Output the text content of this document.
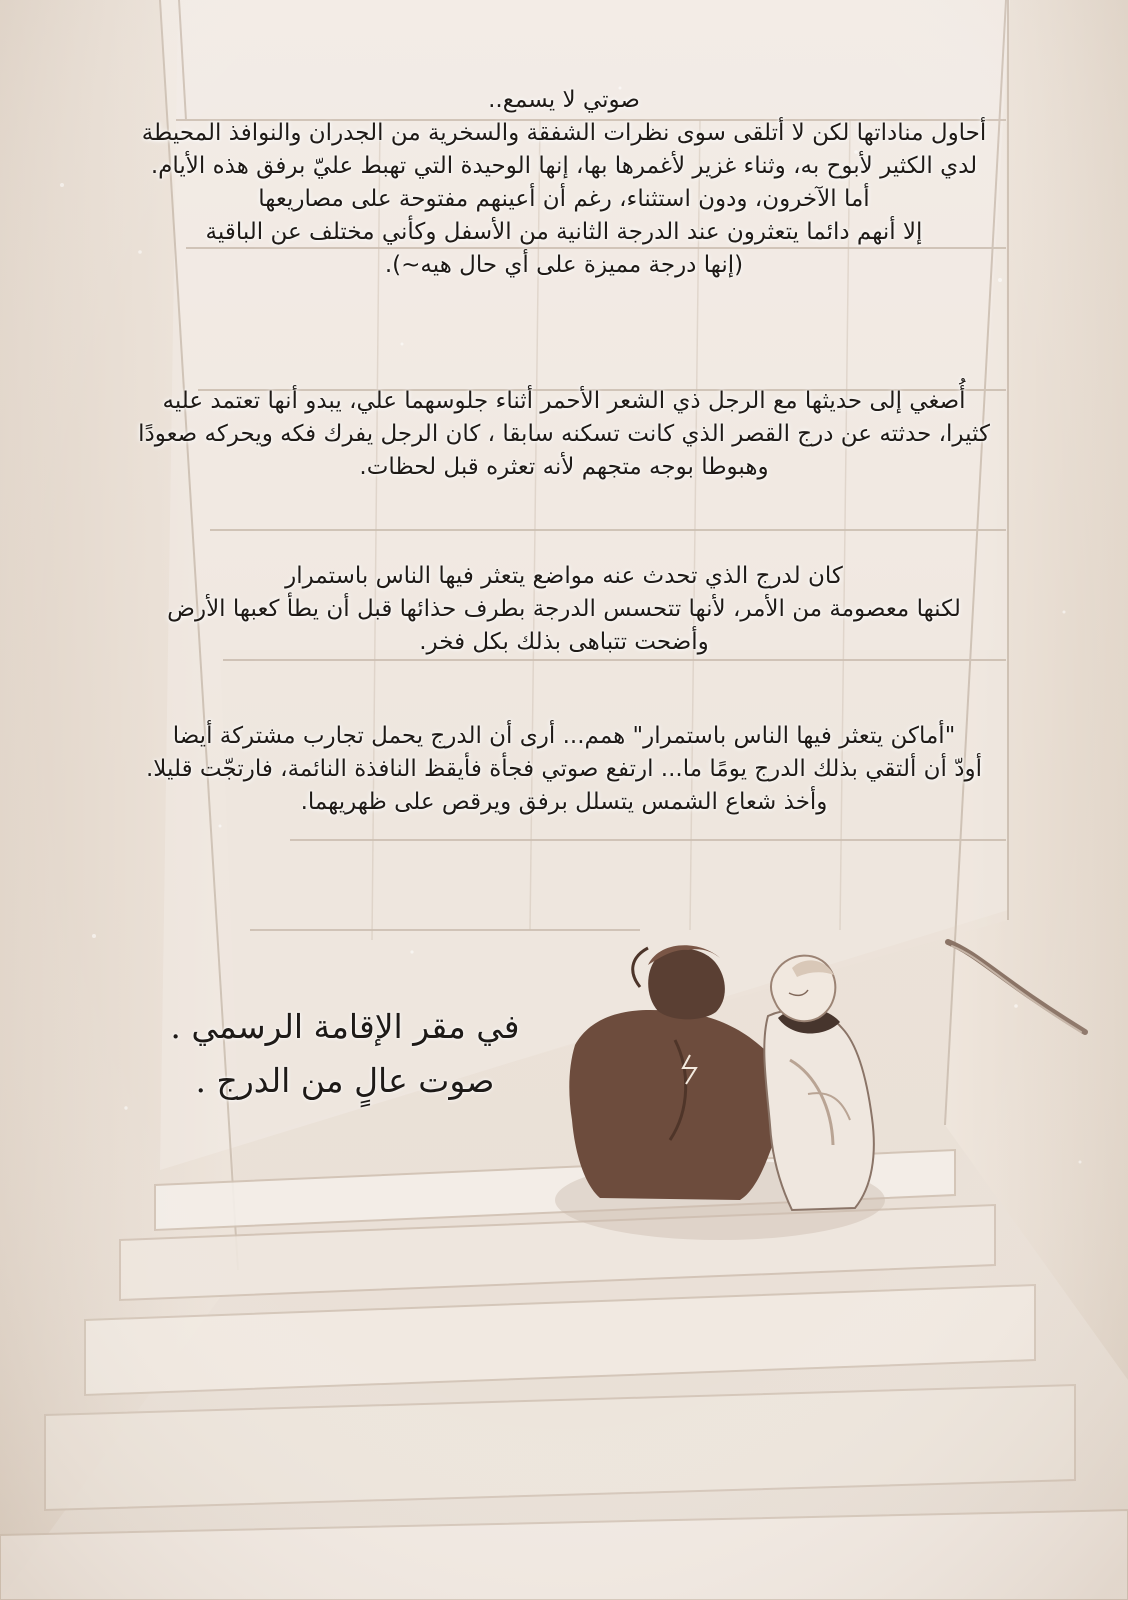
صوتي لا يسمع..
أحاول مناداتها لكن لا أتلقى سوى نظرات الشفقة والسخرية من الجدران والنوافذ المحيطة
لدي الكثير لأبوح به، وثناء غزير لأغمرها بها، إنها الوحيدة التي تهبط عليّ برفق هذه الأيام.
أما الآخرون، ودون استثناء، رغم أن أعينهم مفتوحة على مصاريعها
إلا أنهم دائما يتعثرون عند الدرجة الثانية من الأسفل وكأني مختلف عن الباقية
(إنها درجة مميزة على أي حال هيه~).
أُصغي إلى حديثها مع الرجل ذي الشعر الأحمر أثناء جلوسهما علي، يبدو أنها تعتمد عليه
كثيرا، حدثته عن درج القصر الذي كانت تسكنه سابقا ، كان الرجل يفرك فكه ويحركه صعودًا
وهبوطا بوجه متجهم لأنه تعثره قبل لحظات.
كان لدرج الذي تحدث عنه مواضع يتعثر فيها الناس باستمرار
لكنها معصومة من الأمر، لأنها تتحسس الدرجة بطرف حذائها قبل أن يطأ كعبها الأرض
وأضحت تتباهى بذلك بكل فخر.
"أماكن يتعثر فيها الناس باستمرار" همم... أرى أن الدرج يحمل تجارب مشتركة أيضا
أودّ أن ألتقي بذلك الدرج يومًا ما... ارتفع صوتي فجأة فأيقظ النافذة النائمة، فارتجّت قليلا.
وأخذ شعاع الشمس يتسلل برفق ويرقص على ظهريهما.
في مقر الإقامة الرسمي .
صوت عالٍ من الدرج .
